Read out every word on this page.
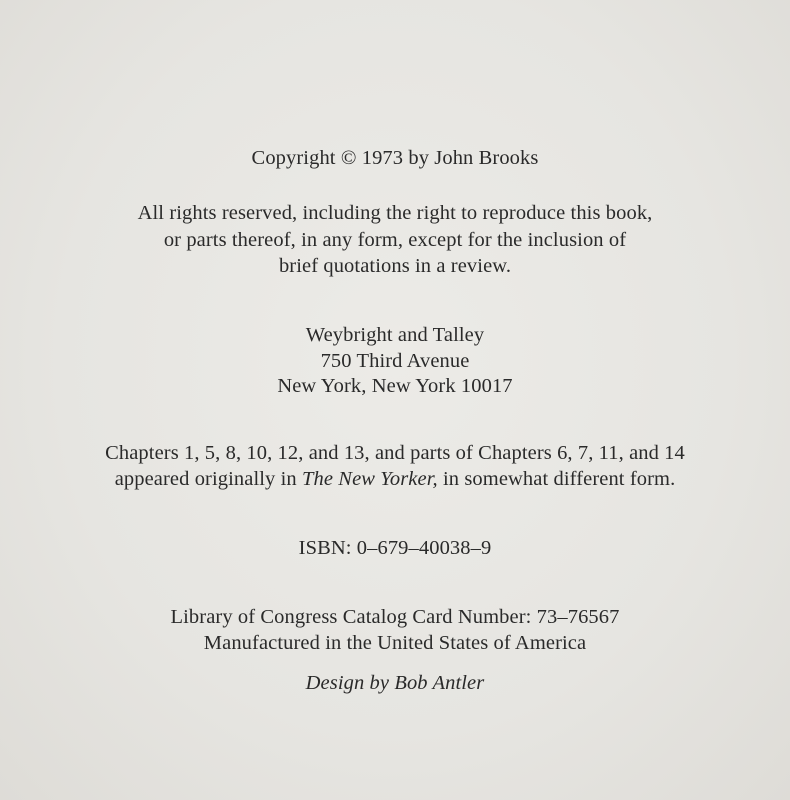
Copyright © 1973 by John Brooks
All rights reserved, including the right to reproduce this book,
or parts thereof, in any form, except for the inclusion of
brief quotations in a review.
Weybright and Talley
750 Third Avenue
New York, New York 10017
Chapters 1, 5, 8, 10, 12, and 13, and parts of Chapters 6, 7, 11, and 14
appeared originally in The New Yorker, in somewhat different form.
ISBN: 0–679–40038–9
Library of Congress Catalog Card Number: 73–76567
Manufactured in the United States of America
Design by Bob Antler
